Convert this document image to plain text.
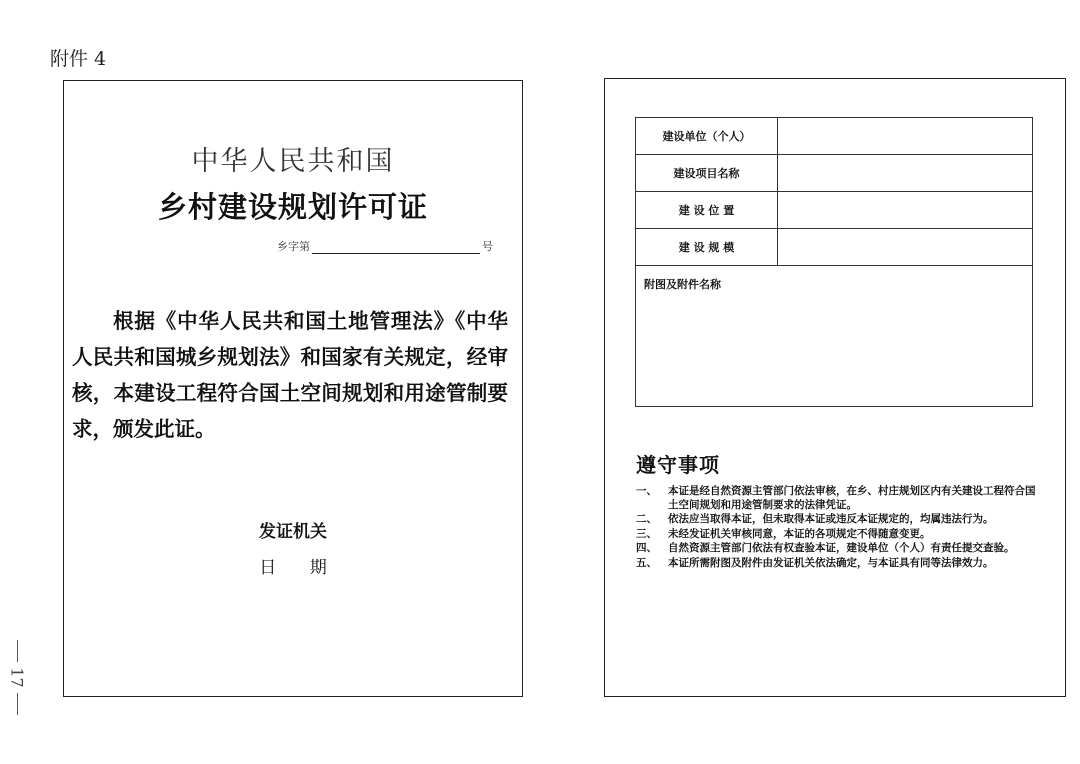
附件 4
17
中华人民共和国
乡村建设规划许可证
乡字第	号
根据《中华人民共和国土地管理法》《中华人民共和国城乡规划法》和国家有关规定，经审核，本建设工程符合国土空间规划和用途管制要求，颁发此证。
发证机关
日 期
建设单位（个人）	
建设项目名称	
建 设 位 置	
建 设 规 模	
附图及附件名称	
遵守事项
一、	本证是经自然资源主管部门依法审核，在乡、村庄规划区内有关建设工程符合国土空间规划和用途管制要求的法律凭证。
二、	依法应当取得本证，但未取得本证或违反本证规定的，均属违法行为。
三、	未经发证机关审核同意，本证的各项规定不得随意变更。
四、	自然资源主管部门依法有权查验本证，建设单位（个人）有责任提交查验。
五、	本证所需附图及附件由发证机关依法确定，与本证具有同等法律效力。
